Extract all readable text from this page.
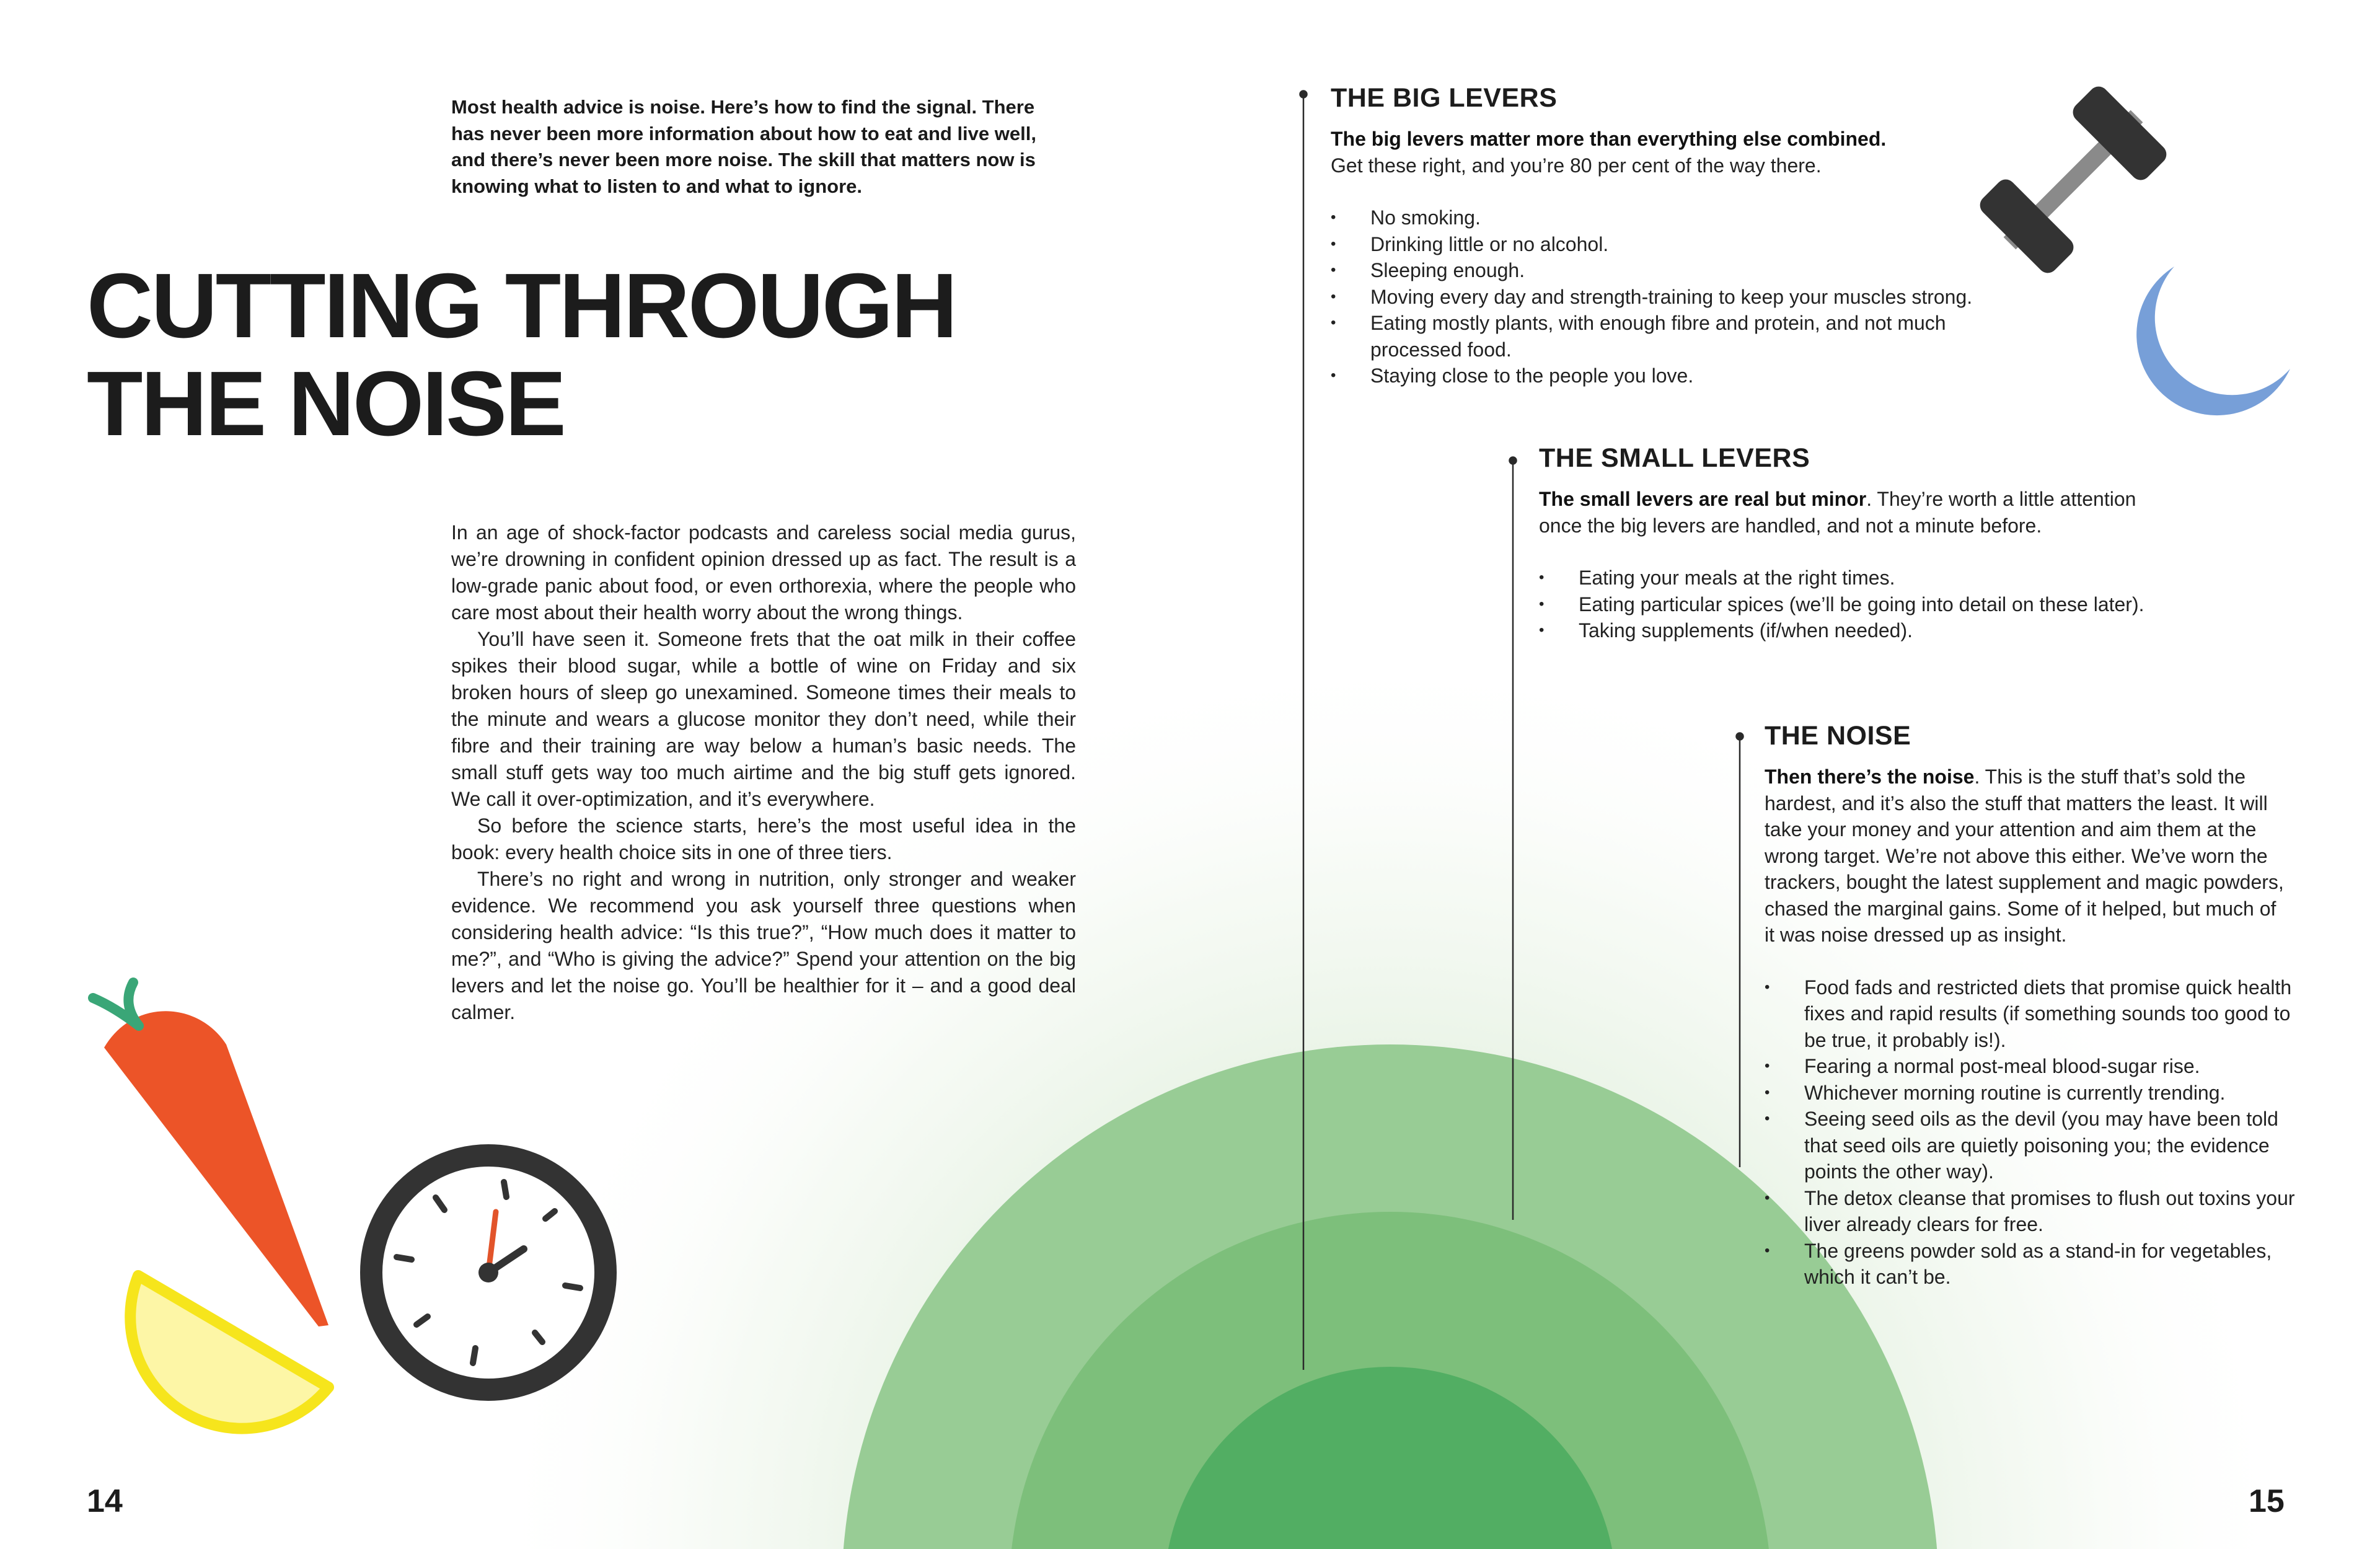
Most health advice is noise. Here’s how to find the signal. There has never been more information about how to eat and live well, and there’s never been more noise. The skill that matters now is knowing what to listen to and what to ignore.
CUTTING THROUGH
THE NOISE

In an age of shock-factor podcasts and careless social media gurus, we’re drowning in confident opinion dressed up as fact. The result is a low-grade panic about food, or even orthorexia, where the people who care most about their health worry about the wrong things.

You’ll have seen it. Someone frets that the oat milk in their coffee spikes their blood sugar, while a bottle of wine on Friday and six broken hours of sleep go unexamined. Someone times their meals to the minute and wears a glucose monitor they don’t need, while their fibre and their training are way below a human’s basic needs. The small stuff gets way too much airtime and the big stuff gets ignored. We call it over-optimization, and it’s everywhere.

So before the science starts, here’s the most useful idea in the book: every health choice sits in one of three tiers.

There’s no right and wrong in nutrition, only stronger and weaker evidence. We recommend you ask yourself three questions when considering health advice: “Is this true?”, “How much does it matter to me?”, and “Who is giving the advice?” Spend your attention on the big levers and let the noise go. You’ll be healthier for it – and a good deal calmer.

THE BIG LEVERS
The big levers matter more than everything else combined.
Get these right, and you’re 80 per cent of the way there.
• No smoking.
• Drinking little or no alcohol.
• Sleeping enough.
• Moving every day and strength-training to keep your muscles strong.
• Eating mostly plants, with enough fibre and protein, and not much processed food.
• Staying close to the people you love.
THE SMALL LEVERS
The small levers are real but minor. They’re worth a little attention once the big levers are handled, and not a minute before.
• Eating your meals at the right times.
• Eating particular spices (we’ll be going into detail on these later).
• Taking supplements (if/when needed).
THE NOISE
Then there’s the noise. This is the stuff that’s sold the hardest, and it’s also the stuff that matters the least. It will take your money and your attention and aim them at the wrong target. We’re not above this either. We’ve worn the trackers, bought the latest supplement and magic powders, chased the marginal gains. Some of it helped, but much of it was noise dressed up as insight.
• Food fads and restricted diets that promise quick health fixes and rapid results (if something sounds too good to be true, it probably is!).
• Fearing a normal post-meal blood-sugar rise.
• Whichever morning routine is currently trending.
• Seeing seed oils as the devil (you may have been told that seed oils are quietly poisoning you; the evidence points the other way).
• The detox cleanse that promises to flush out toxins your liver already clears for free.
• The greens powder sold as a stand-in for vegetables, which it can’t be.
14	15
